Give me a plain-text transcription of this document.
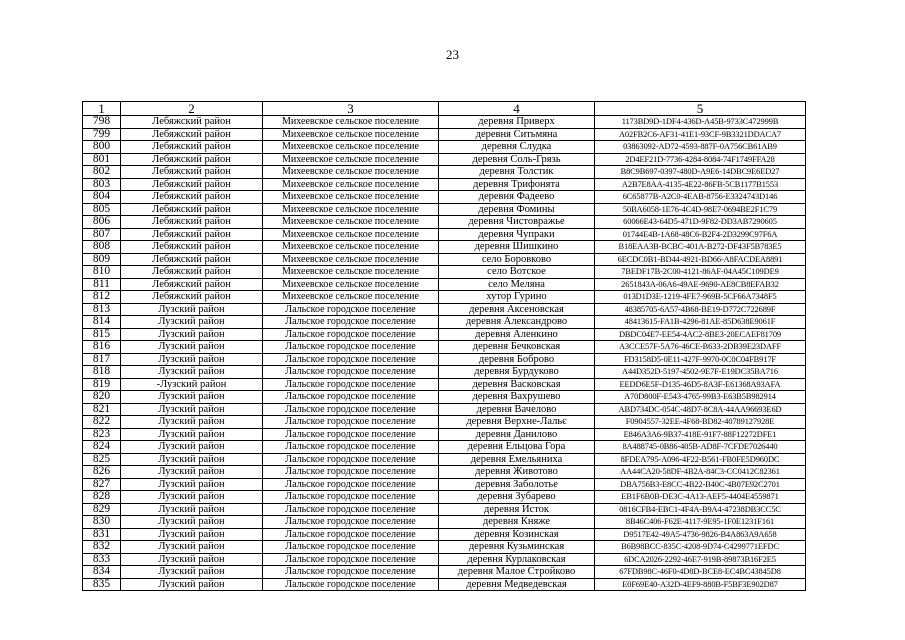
23
1	2	3	4	5
798	Лебяжский район	Михеевское сельское поселение	деревня Приверх	1173BD9D-1DF4-436D-A45B-9733C472999B
799	Лебяжский район	Михеевское сельское поселение	деревня Ситьмяна	A02FB2C6-AF31-41E1-93CF-9B3321DDACA7
800	Лебяжский район	Михеевское сельское поселение	деревня Слудка	03863092-AD72-4593-887F-0A756CB61AB9
801	Лебяжский район	Михеевское сельское поселение	деревня Соль-Грязь	2D4EF21D-7736-4284-8084-74F1749FFA28
802	Лебяжский район	Михеевское сельское поселение	деревня Толстик	B8C9B697-0397-480D-A9E6-14DBC9E6ED27
803	Лебяжский район	Михеевское сельское поселение	деревня Трифонята	A2B7E8AA-4135-4E22-86FB-5CB1177B1553
804	Лебяжский район	Михеевское сельское поселение	деревня Фадеево	6C65877B-A2C0-4EAB-8756-E3324743D146
805	Лебяжский район	Михеевское сельское поселение	деревня Фомины	50BA6058-1E76-4C4D-98E7-0694BE2F1C79
806	Лебяжский район	Михеевское сельское поселение	деревня Чистовражье	60066E43-64D5-471D-9F82-DD3AB7290605
807	Лебяжский район	Михеевское сельское поселение	деревня Чупраки	01744E4B-1A68-48C6-B2F4-2D3299C97F6A
808	Лебяжский район	Михеевское сельское поселение	деревня Шишкино	B18EAA3B-BCBC-401A-B272-DF43F5B783E5
809	Лебяжский район	Михеевское сельское поселение	село Боровково	6ECDC0B1-BD44-4921-BD66-A8FACDEA8891
810	Лебяжский район	Михеевское сельское поселение	село Вотское	7BEDF17B-2C00-4121-86AF-04A45C109DE9
811	Лебяжский район	Михеевское сельское поселение	село Меляна	2651843A-06A6-49AE-9690-AE8CB8EFAB32
812	Лебяжский район	Михеевское сельское поселение	хутор Гурино	013D1D3E-1219-4FE7-969B-5CF66A7348F5
813	Лузский район	Лальское городское поселение	деревня Аксеновская	48385705-6A57-4B68-BE19-D772C722689F
814	Лузский район	Лальское городское поселение	деревня Александрово	48413615-FA1B-4296-81AE-85D638E9061F
815	Лузский район	Лальское городское поселение	деревня Аленкино	DBDC04E7-EE54-4AC2-8BE3-20ECAEF81709
816	Лузский район	Лальское городское поселение	деревня Бечковская	A3CCE57F-5A76-46CE-B633-2DB39E23DAFF
817	Лузский район	Лальское городское поселение	деревня Боброво	FD3158D5-0E11-427F-9970-0C0C04FB917F
818	Лузский район	Лальское городское поселение	деревня Бурдуково	A44D352D-5197-4502-9E7F-E19DC35BA716
819	-Лузский район	Лальское городское поселение	деревня Васковская	EEDD6E5F-D135-46D5-8A3F-E61368A93AFA
820	Лузский район	Лальское городское поселение	деревня Вахрушево	A70D800F-E543-4765-99B3-E63B5B982914
821	Лузский район	Лальское городское поселение	деревня Вачелово	ABD734DC-054C-48D7-8C8A-44AA96693E6D
822	Лузский район	Лальское городское поселение	деревня Верхне-Лальє	F0904557-32EE-4F68-BD82-40789127928E
823	Лузский район	Лальское городское поселение	деревня Данилово	E846A3A6-9B37-418E-91F7-88F12272DFE1
824	Лузский район	Лальское городское поселение	деревня Ельцова Гора	8A488745-0B86-405B-AD8F-7CFDE7026440
825	Лузский район	Лальское городское поселение	деревня Емельяниха	8FDEA795-A096-4F22-B561-FB0FE5D960DC
826	Лузский район	Лальское городское поселение	деревня Животово	AA44CA20-58DF-4B2A-84C3-CC0412C82361
827	Лузский район	Лальское городское поселение	деревня Заболотье	DBA756B3-E8CC-4B22-B40C-4B07E92C2701
828	Лузский район	Лальское городское поселение	деревня Зубарево	EB1F6B0B-DE3C-4A13-AEF5-4404E4559871
829	Лузский район	Лальское городское поселение	деревня Исток	0816CFB4-EBC1-4F4A-B9A4-47238DB3CC5C
830	Лузский район	Лальское городское поселение	деревня Княже	8B46C406-F62E-4117-9E95-1F0E1231F161
831	Лузский район	Лальское городское поселение	деревня Козинская	D9517E42-49A5-4736-9826-B4A863A9A658
832	Лузский район	Лальское городское поселение	деревня Кузьминская	B6B98BCC-835C-4208-9D74-C4299771EFDC
833	Лузский район	Лальское городское поселение	деревня Курлаковская	6DCA2026-2292-46E7-919B-89873B16F2E5
834	Лузский район	Лальское городское поселение	деревня Малое Стройково	67FDB98C-46F0-4D8D-BCE8-EC4BC43845D8
835	Лузский район	Лальское городское поселение	деревня Медведевская	E0F69E40-A32D-4EF9-880B-F5BF3E902D87
